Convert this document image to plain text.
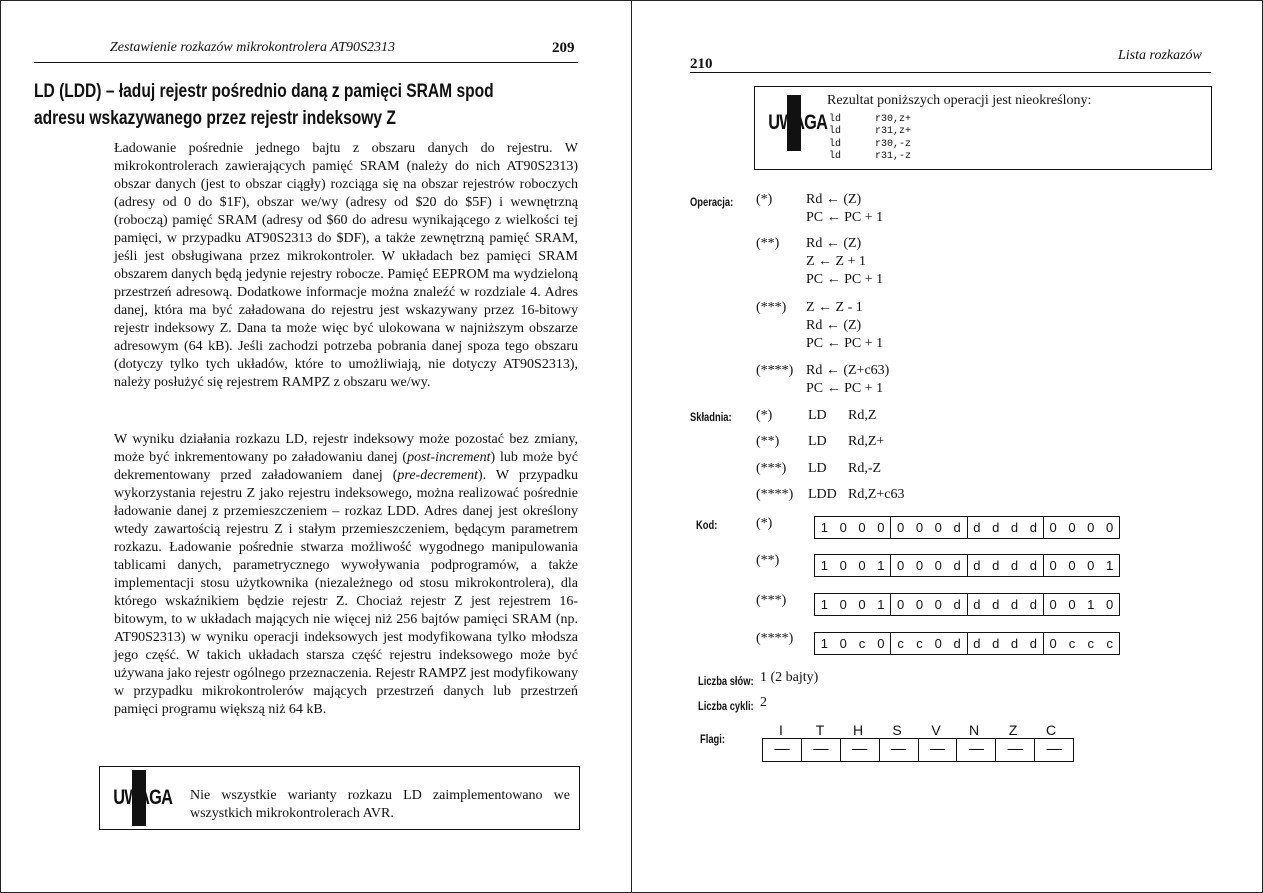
Zestawienie rozkazów mikrokontrolera AT90S2313	209
LD (LDD) – ładuj rejestr pośrednio daną z pamięci SRAM spod
adresu wskazywanego przez rejestr indeksowy Z

Ładowanie pośrednie jednego bajtu z obszaru danych do rejestru. W mikrokontrolerach zawierających pamięć SRAM (należy do nich AT90S2313) obszar danych (jest to obszar ciągły) rozciąga się na obszar rejestrów roboczych (adresy od 0 do $1F), obszar we/wy (adresy od $20 do $5F) i wewnętrzną (roboczą) pamięć SRAM (adresy od $60 do adresu wynikającego z wielkości tej pamięci, w przypadku AT90S2313 do $DF), a także zewnętrzną pamięć SRAM, jeśli jest obsługiwana przez mikrokontroler. W układach bez pamięci SRAM obszarem danych będą jedynie rejestry robocze. Pamięć EEPROM ma wydzieloną przestrzeń adresową. Dodatkowe informacje można znaleźć w rozdziale 4. Adres danej, która ma być załadowana do rejestru jest wskazywany przez 16-bitowy rejestr indeksowy Z. Dana ta może więc być ulokowana w najniższym obszarze adresowym (64 kB). Jeśli zachodzi potrzeba pobrania danej spoza tego obszaru (dotyczy tylko tych układów, które to umożliwiają, nie dotyczy AT90S2313), należy posłużyć się rejestrem RAMPZ z obszaru we/wy.

W wyniku działania rozkazu LD, rejestr indeksowy może pozostać bez zmiany, może być inkrementowany po załadowaniu danej (post-increment) lub może być dekrementowany przed załadowaniem danej (pre-decrement). W przypadku wykorzystania rejestru Z jako rejestru indeksowego, można realizować pośrednie ładowanie danej z przemieszczeniem – rozkaz LDD. Adres danej jest określony wtedy zawartością rejestru Z i stałym przemieszczeniem, będącym parametrem rozkazu. Ładowanie pośrednie stwarza możliwość wygodnego manipulowania tablicami danych, parametrycznego wywoływania podprogramów, a także implementacji stosu użytkownika (niezależnego od stosu mikrokontrolera), dla którego wskaźnikiem będzie rejestr Z. Chociaż rejestr Z jest rejestrem 16-bitowym, to w układach mających nie więcej niż 256 bajtów pamięci SRAM (np. AT90S2313) w wyniku operacji indeksowych jest modyfikowana tylko młodsza jego część. W takich układach starsza część rejestru indeksowego może być używana jako rejestr ogólnego przeznaczenia. Rejestr RAMPZ jest modyfikowany w przypadku mikrokontrolerów mających przestrzeń danych lub przestrzeń pamięci programu większą niż 64 kB.

UWAGA Nie wszystkie warianty rozkazu LD zaimplementowano we wszystkich mikrokontrolerach AVR.
210
Lista rozkazów
UWAGA
Rezultat poniższych operacji jest nieokreślony:
ld	r30,z+
ld	r31,z+
ld	r30,-z
ld	r31,-z
Operacja: (*) Rd ← (Z)
PC ← PC + 1
(**) Rd ← (Z)
Z ← Z + 1
PC ← PC + 1
(***) Z ← Z - 1
Rd ← (Z)
PC ← PC + 1
(****) Rd ← (Z+c63)
PC ← PC + 1
Składnia: (*)	LD Rd,Z
(**) LD Rd,Z+
(***) LD Rd,-Z
(****) LDD Rd,Z+c63
Kod:	(*)	1 0 0 0 0 0 0 d d d d d 0 0 0 0
(**)	1 0 0 1 0 0 0 d d d d d 0 0 0 1
(***)	1 0 0 1 0 0 0 d d d d d 0 0 1 0
(****)	1 0 c 0 c c 0 d d d d d 0 c c c
Liczba słów: 1 (2 bajty)
Liczba cykli: 2
Flagi:
I	T	H	S	V	N	Z	C
—	—	—	—	—	—	—	—
